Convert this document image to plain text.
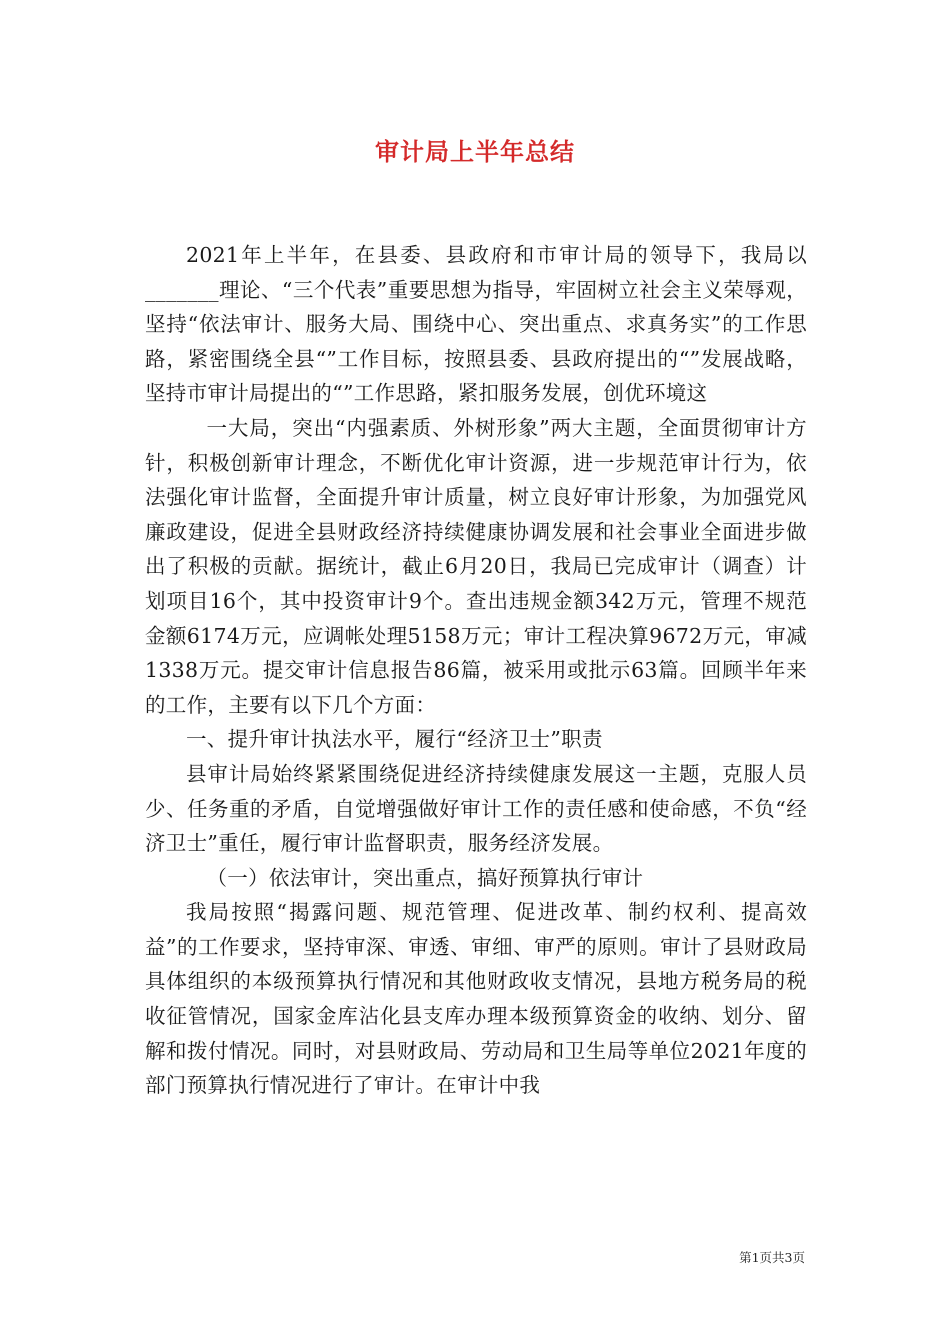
审计局上半年总结

2021年上半年，在县委、县政府和市审计局的领导下，我局以_______理论、“三个代表”重要思想为指导，牢固树立社会主义荣辱观，坚持“依法审计、服务大局、围绕中心、突出重点、求真务实”的工作思路，紧密围绕全县“”工作目标，按照县委、县政府提出的“”发展战略，坚持市审计局提出的“”工作思路，紧扣服务发展，创优环境这

一大局，突出“内强素质、外树形象”两大主题，全面贯彻审计方针，积极创新审计理念，不断优化审计资源，进一步规范审计行为，依法强化审计监督，全面提升审计质量，树立良好审计形象，为加强党风廉政建设，促进全县财政经济持续健康协调发展和社会事业全面进步做出了积极的贡献。据统计，截止6月20日，我局已完成审计（调查）计划项目16个，其中投资审计9个。查出违规金额342万元，管理不规范金额6174万元，应调帐处理5158万元；审计工程决算9672万元，审减1338万元。提交审计信息报告86篇，被采用或批示63篇。回顾半年来的工作，主要有以下几个方面：

一、提升审计执法水平，履行“经济卫士”职责

县审计局始终紧紧围绕促进经济持续健康发展这一主题，克服人员少、任务重的矛盾，自觉增强做好审计工作的责任感和使命感，不负“经济卫士”重任，履行审计监督职责，服务经济发展。

（一）依法审计，突出重点，搞好预算执行审计

我局按照“揭露问题、规范管理、促进改革、制约权利、提高效益”的工作要求，坚持审深、审透、审细、审严的原则。审计了县财政局具体组织的本级预算执行情况和其他财政收支情况，县地方税务局的税收征管情况，国家金库沾化县支库办理本级预算资金的收纳、划分、留解和拨付情况。同时，对县财政局、劳动局和卫生局等单位2021年度的部门预算执行情况进行了审计。在审计中我

第1页共3页
